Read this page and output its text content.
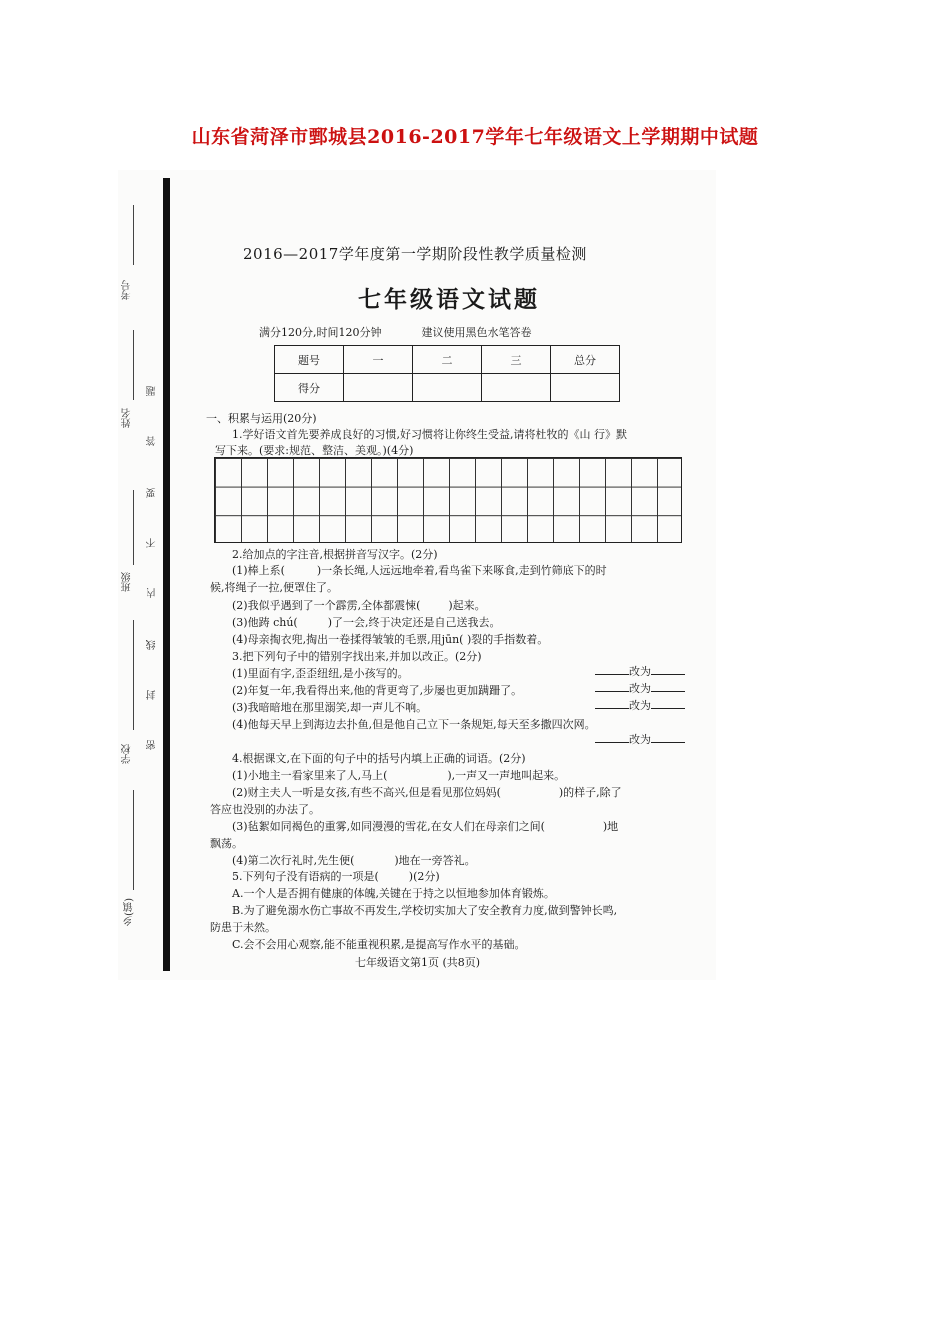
山东省菏泽市鄄城县2016-2017学年七年级语文上学期期中试题
考号
姓名
班级
学校
乡(镇)
题
答
要
不
内
线
封
密
2016—2017学年度第一学期阶段性教学质量检测
七年级语文试题
满分120分,时间120分钟	建议使用黑色水笔答卷
题号	一	二	三	总分
得分				
一、积累与运用(20分)
1.学好语文首先要养成良好的习惯,好习惯将让你终生受益,请将杜牧的《山 行》默
写下来。(要求:规范、整洁、美观。)(4分)
2.给加点的字注音,根据拼音写汉字。(2分)
(1)棒上系(	)一条长绳,人远远地牵着,看鸟雀下来啄食,走到竹筛底下的时
候,将绳子一拉,便罩住了。
(2)我似乎遇到了一个霹雳,全体都震悚(	)起来。
(3)他踌 chú(	)了一会,终于决定还是自己送我去。
(4)母亲掏衣兜,掏出一卷揉得皱皱的毛票,用jūn( )裂的手指数着。
3.把下列句子中的错别字找出来,并加以改正。(2分)
(1)里面有字,歪歪纽纽,是小孩写的。	改为
(2)年复一年,我看得出来,他的背更弯了,步屡也更加蹒跚了。	改为
(3)我暗暗地在那里溺笑,却一声儿不响。	改为
(4)他每天早上到海边去扑鱼,但是他自己立下一条规矩,每天至多撒四次网。
改为
4.根据课文,在下面的句子中的括号内填上正确的词语。(2分)
(1)小地主一看家里来了人,马上(	),一声又一声地叫起来。
(2)财主夫人一听是女孩,有些不高兴,但是看见那位妈妈(	)的样子,除了
答应也没别的办法了。
(3)毡絮如同褐色的重雾,如同漫漫的雪花,在女人们在母亲们之间(	)地
飘荡。
(4)第二次行礼时,先生便(	)地在一旁答礼。
5.下列句子没有语病的一项是(	)(2分)
A.一个人是否拥有健康的体魄,关键在于持之以恒地参加体育锻炼。
B.为了避免溺水伤亡事故不再发生,学校切实加大了安全教育力度,做到警钟长鸣,
防患于未然。
C.会不会用心观察,能不能重视积累,是提高写作水平的基础。
七年级语文第1页 (共8页)
